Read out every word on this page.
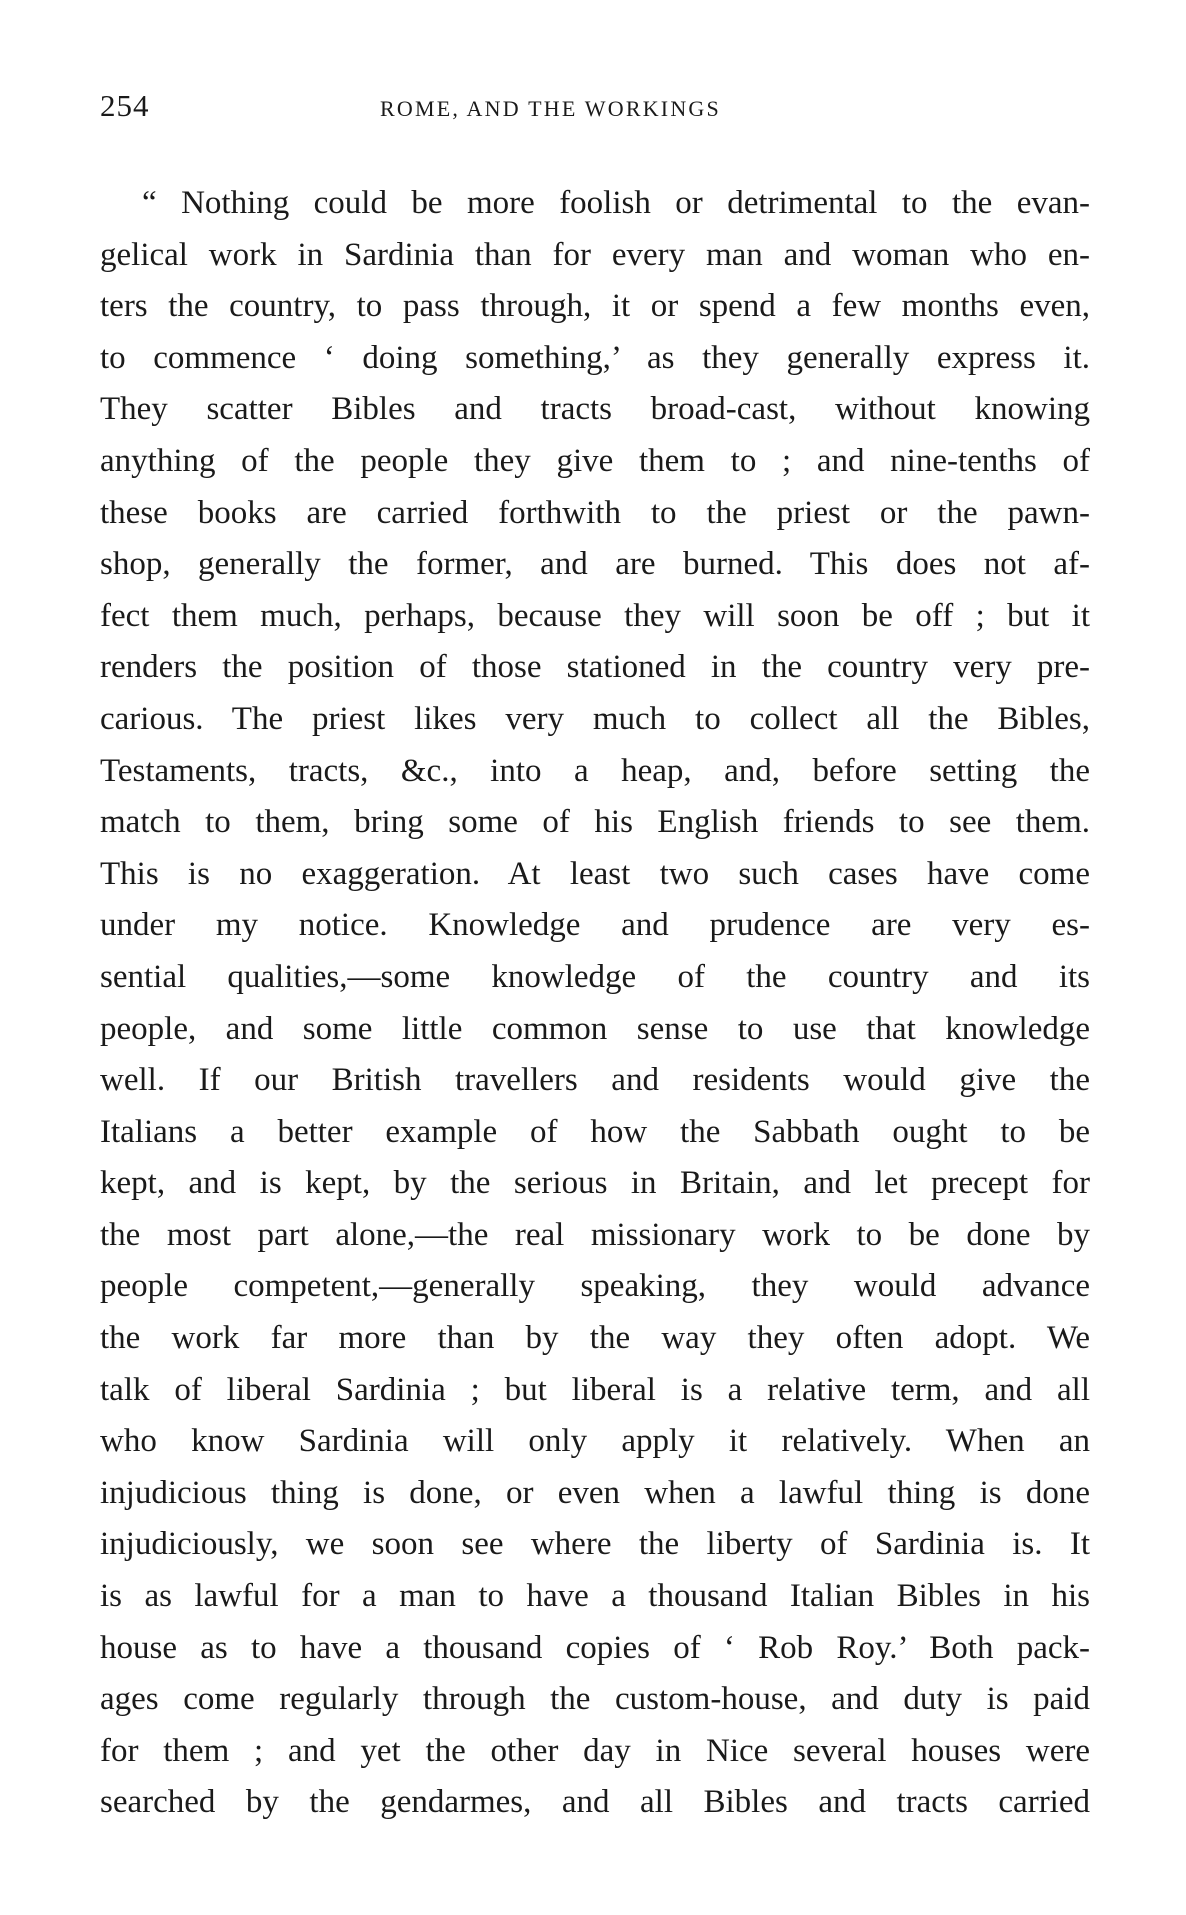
254	ROME, AND THE WORKINGS
“ Nothing could be more foolish or detrimental to the evan-
gelical work in Sardinia than for every man and woman who en-
ters the country, to pass through, it or spend a few months even,
to commence ‘ doing something,’ as they generally express it.
They scatter Bibles and tracts broad-cast, without knowing
anything of the people they give them to ; and nine-tenths of
these books are carried forthwith to the priest or the pawn-
shop, generally the former, and are burned. This does not af-
fect them much, perhaps, because they will soon be off ; but it
renders the position of those stationed in the country very pre-
carious. The priest likes very much to collect all the Bibles,
Testaments, tracts, &c., into a heap, and, before setting the
match to them, bring some of his English friends to see them.
This is no exaggeration. At least two such cases have come
under my notice. Knowledge and prudence are very es-
sential qualities,—some knowledge of the country and its
people, and some little common sense to use that knowledge
well. If our British travellers and residents would give the
Italians a better example of how the Sabbath ought to be
kept, and is kept, by the serious in Britain, and let precept for
the most part alone,—the real missionary work to be done by
people competent,—generally speaking, they would advance
the work far more than by the way they often adopt. We
talk of liberal Sardinia ; but liberal is a relative term, and all
who know Sardinia will only apply it relatively. When an
injudicious thing is done, or even when a lawful thing is done
injudiciously, we soon see where the liberty of Sardinia is. It
is as lawful for a man to have a thousand Italian Bibles in his
house as to have a thousand copies of ‘ Rob Roy.’ Both pack-
ages come regularly through the custom-house, and duty is paid
for them ; and yet the other day in Nice several houses were
searched by the gendarmes, and all Bibles and tracts carried
